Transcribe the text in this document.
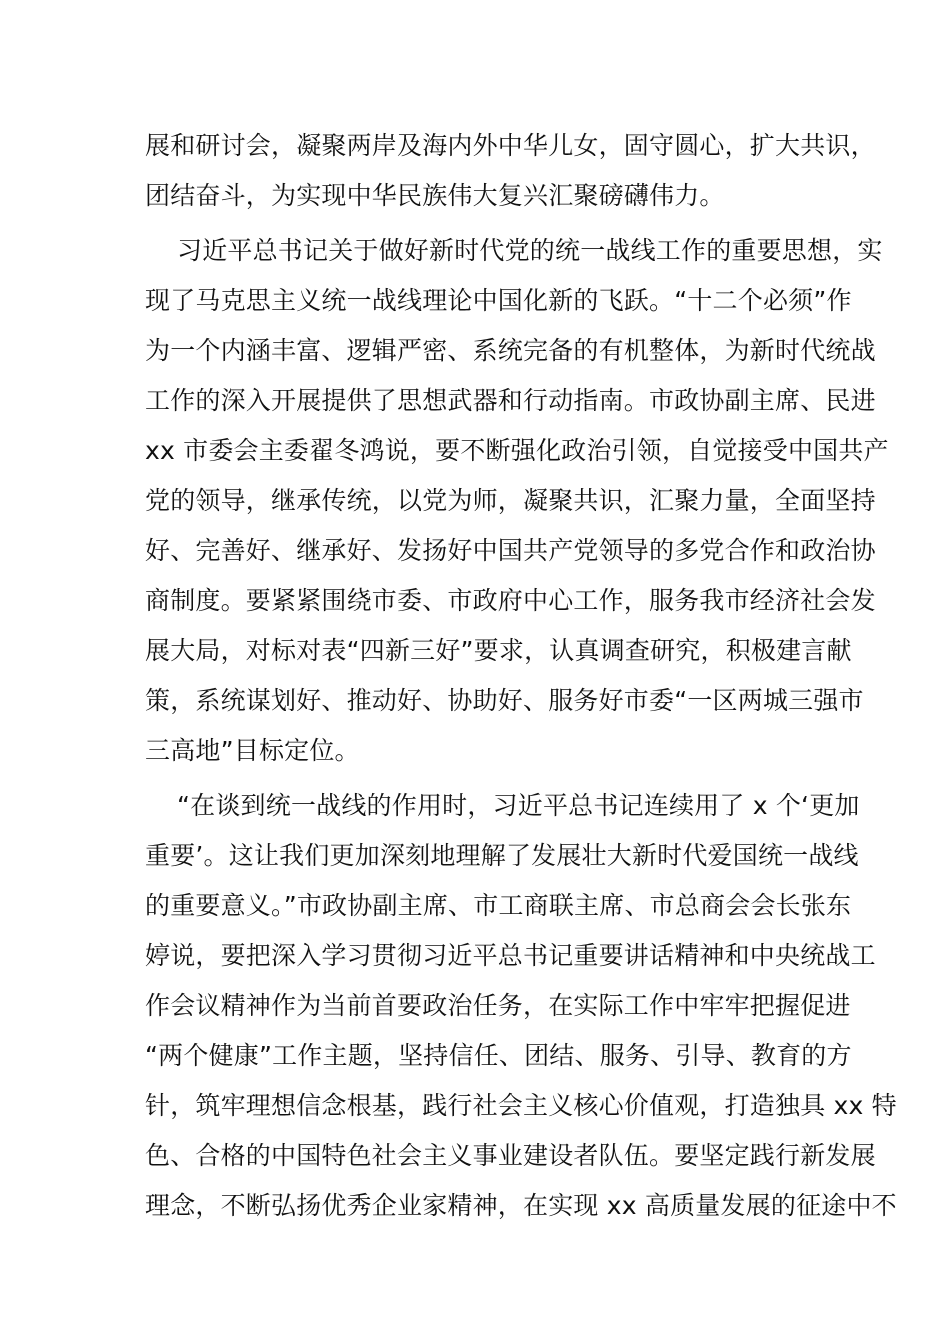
展和研讨会，凝聚两岸及海内外中华儿女，固守圆心，扩大共识，

团结奋斗，为实现中华民族伟大复兴汇聚磅礴伟力。

习近平总书记关于做好新时代党的统一战线工作的重要思想，实

现了马克思主义统一战线理论中国化新的飞跃。“十二个必须”作

为一个内涵丰富、逻辑严密、系统完备的有机整体，为新时代统战

工作的深入开展提供了思想武器和行动指南。市政协副主席、民进

xx 市委会主委翟冬鸿说，要不断强化政治引领，自觉接受中国共产

党的领导，继承传统，以党为师，凝聚共识，汇聚力量，全面坚持

好、完善好、继承好、发扬好中国共产党领导的多党合作和政治协

商制度。要紧紧围绕市委、市政府中心工作，服务我市经济社会发

展大局，对标对表“四新三好”要求，认真调查研究，积极建言献

策，系统谋划好、推动好、协助好、服务好市委“一区两城三强市

三高地”目标定位。

“在谈到统一战线的作用时，习近平总书记连续用了 x 个‘更加

重要’。这让我们更加深刻地理解了发展壮大新时代爱国统一战线

的重要意义。”市政协副主席、市工商联主席、市总商会会长张东

婷说，要把深入学习贯彻习近平总书记重要讲话精神和中央统战工

作会议精神作为当前首要政治任务，在实际工作中牢牢把握促进

“两个健康”工作主题，坚持信任、团结、服务、引导、教育的方

针，筑牢理想信念根基，践行社会主义核心价值观，打造独具 xx 特

色、合格的中国特色社会主义事业建设者队伍。要坚定践行新发展

理念，不断弘扬优秀企业家精神，在实现 xx 高质量发展的征途中不
